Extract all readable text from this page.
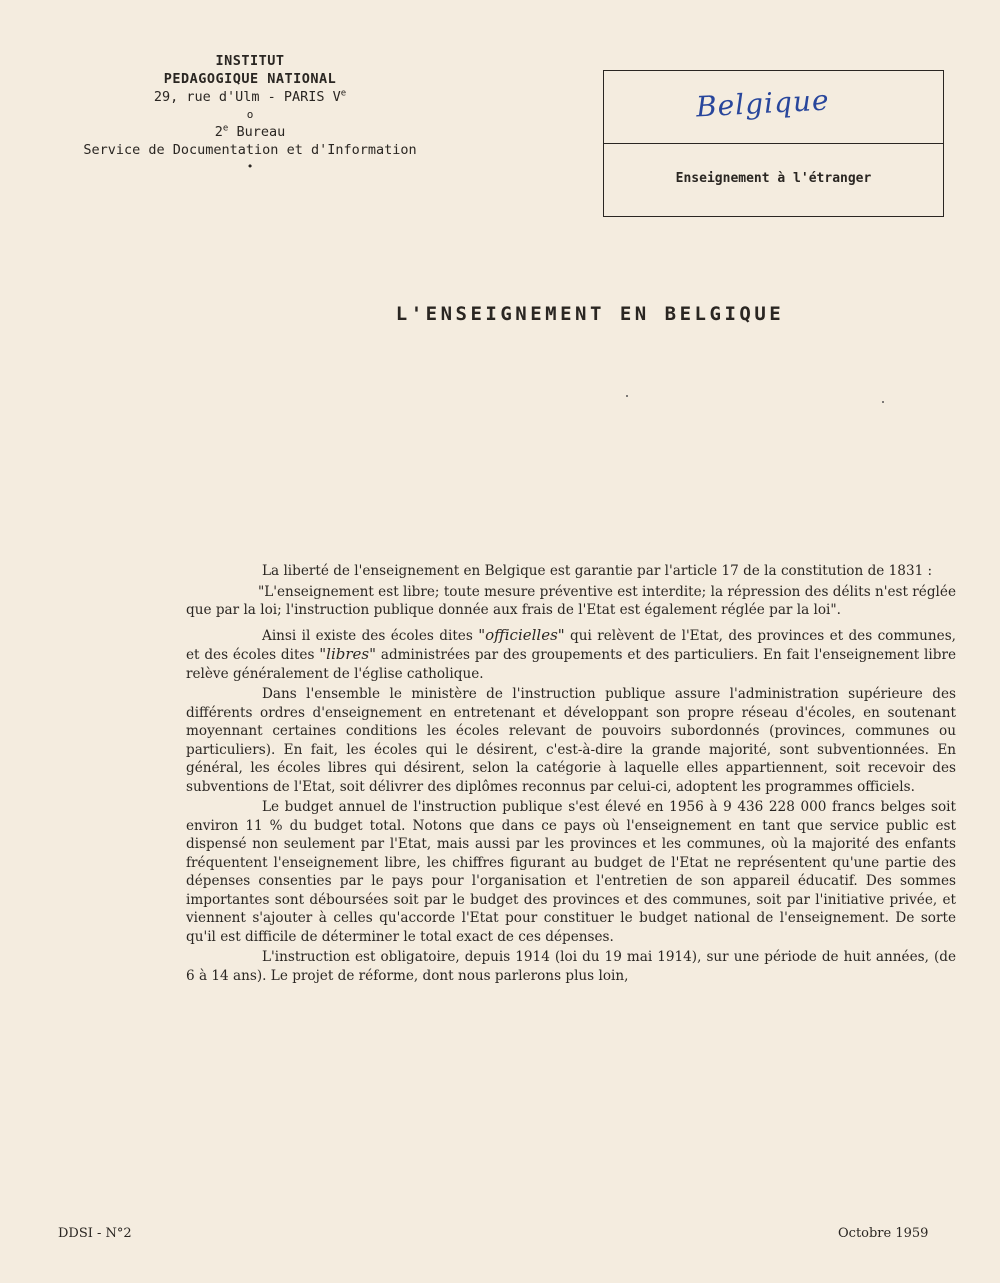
INSTITUT
PEDAGOGIQUE NATIONAL
29, rue d'Ulm - PARIS Ve
o
2e Bureau
Service de Documentation et d'Information
•
Belgique
Enseignement à l'étranger
L'ENSEIGNEMENT EN BELGIQUE

La liberté de l'enseignement en Belgique est garantie par l'article 17 de la constitution de 1831 :

"L'enseignement est libre; toute mesure préventive est interdite; la répression des délits n'est réglée que par la loi; l'instruction publique donnée aux frais de l'Etat est également réglée par la loi".

Ainsi il existe des écoles dites "officielles" qui relèvent de l'Etat, des provinces et des communes, et des écoles dites "libres" administrées par des groupements et des particuliers. En fait l'enseignement libre relève généralement de l'église catholique.

Dans l'ensemble le ministère de l'instruction publique assure l'administration supérieure des différents ordres d'enseignement en entretenant et développant son propre réseau d'écoles, en soutenant moyennant certaines conditions les écoles relevant de pouvoirs subordonnés (provinces, communes ou particuliers). En fait, les écoles qui le désirent, c'est-à-dire la grande majorité, sont subventionnées. En général, les écoles libres qui désirent, selon la catégorie à laquelle elles appartiennent, soit recevoir des subventions de l'Etat, soit délivrer des diplômes reconnus par celui-ci, adoptent les programmes officiels.

Le budget annuel de l'instruction publique s'est élevé en 1956 à 9 436 228 000 francs belges soit environ 11 % du budget total. Notons que dans ce pays où l'enseignement en tant que service public est dispensé non seulement par l'Etat, mais aussi par les provinces et les communes, où la majorité des enfants fréquentent l'enseignement libre, les chiffres figurant au budget de l'Etat ne représentent qu'une partie des dépenses consenties par le pays pour l'organisation et l'entretien de son appareil éducatif. Des sommes importantes sont déboursées soit par le budget des provinces et des communes, soit par l'initiative privée, et viennent s'ajouter à celles qu'accorde l'Etat pour constituer le budget national de l'enseignement. De sorte qu'il est difficile de déterminer le total exact de ces dépenses.

L'instruction est obligatoire, depuis 1914 (loi du 19 mai 1914), sur une période de huit années, (de 6 à 14 ans). Le projet de réforme, dont nous parlerons plus loin,

DDSI - N°2	Octobre 1959
